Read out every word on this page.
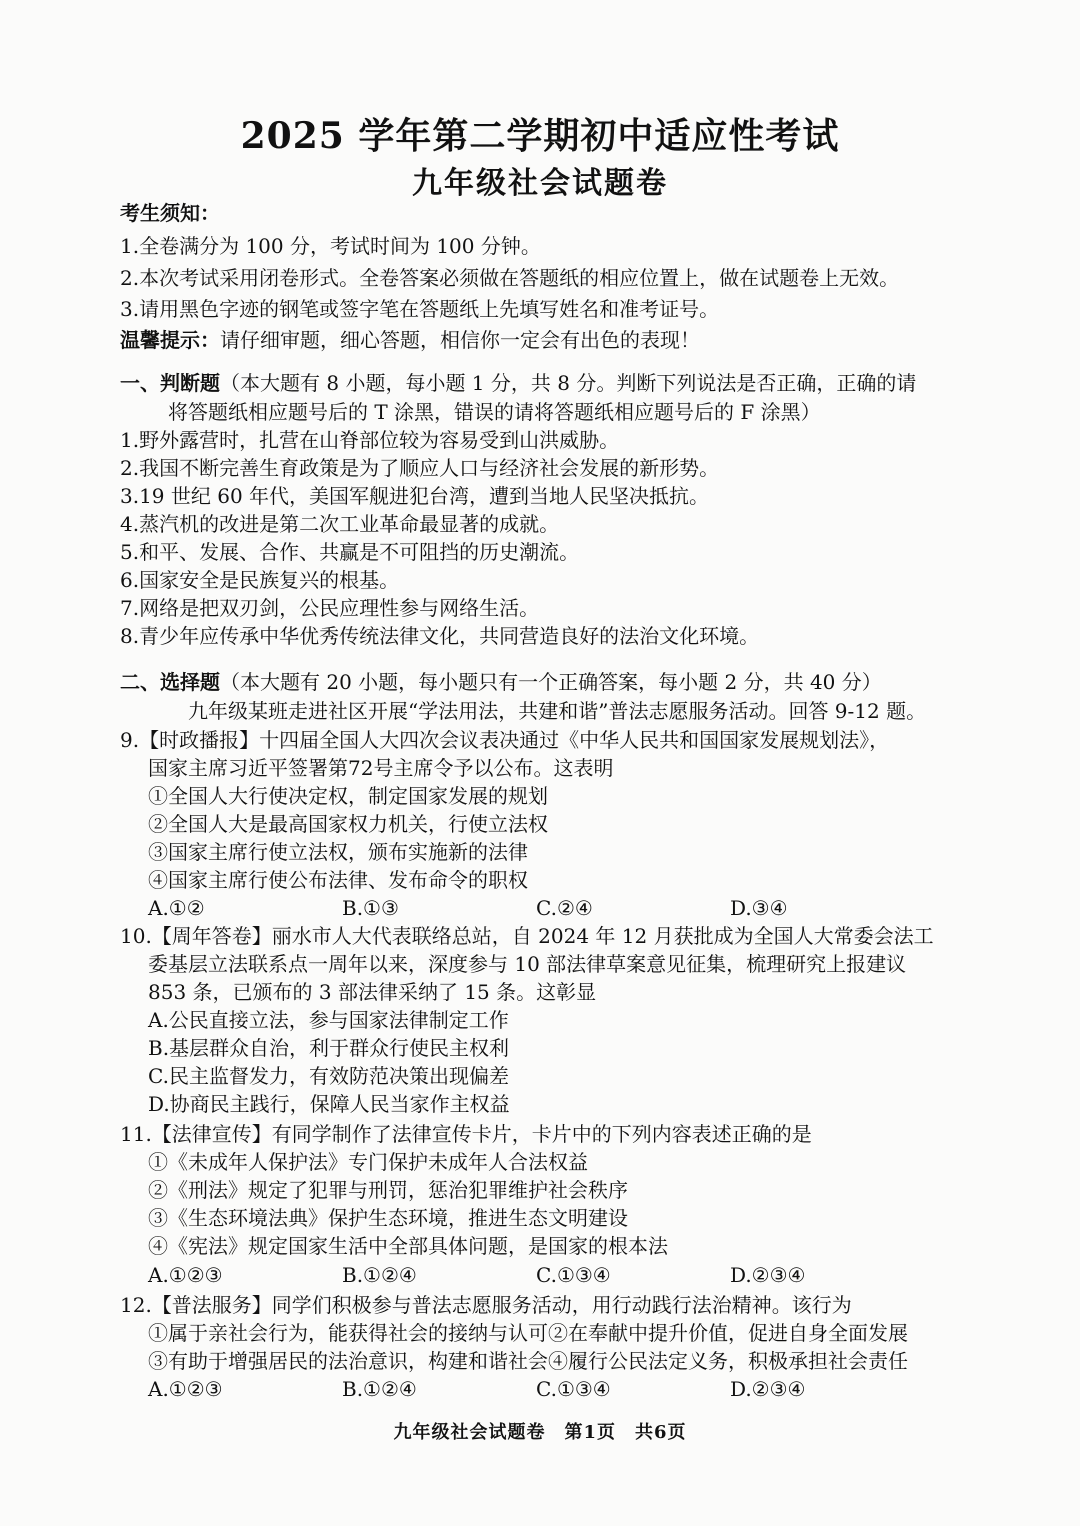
2025 学年第二学期初中适应性考试
九年级社会试题卷
考生须知：
1.全卷满分为 100 分，考试时间为 100 分钟。
2.本次考试采用闭卷形式。全卷答案必须做在答题纸的相应位置上，做在试题卷上无效。
3.请用黑色字迹的钢笔或签字笔在答题纸上先填写姓名和准考证号。
温馨提示：请仔细审题，细心答题，相信你一定会有出色的表现！
一、判断题（本大题有 8 小题，每小题 1 分，共 8 分。判断下列说法是否正确，正确的请
将答题纸相应题号后的 T 涂黑，错误的请将答题纸相应题号后的 F 涂黑）
1.野外露营时，扎营在山脊部位较为容易受到山洪威胁。
2.我国不断完善生育政策是为了顺应人口与经济社会发展的新形势。
3.19 世纪 60 年代，美国军舰进犯台湾，遭到当地人民坚决抵抗。
4.蒸汽机的改进是第二次工业革命最显著的成就。
5.和平、发展、合作、共赢是不可阻挡的历史潮流。
6.国家安全是民族复兴的根基。
7.网络是把双刃剑，公民应理性参与网络生活。
8.青少年应传承中华优秀传统法律文化，共同营造良好的法治文化环境。
二、选择题（本大题有 20 小题，每小题只有一个正确答案，每小题 2 分，共 40 分）
九年级某班走进社区开展“学法用法，共建和谐”普法志愿服务活动。回答 9-12 题。
9.【时政播报】十四届全国人大四次会议表决通过《中华人民共和国国家发展规划法》，
国家主席习近平签署第72号主席令予以公布。这表明
①全国人大行使决定权，制定国家发展的规划
②全国人大是最高国家权力机关，行使立法权
③国家主席行使立法权，颁布实施新的法律
④国家主席行使公布法律、发布命令的职权
A.①②	B.①③	C.②④	D.③④
10.【周年答卷】丽水市人大代表联络总站，自 2024 年 12 月获批成为全国人大常委会法工
委基层立法联系点一周年以来，深度参与 10 部法律草案意见征集，梳理研究上报建议
853 条，已颁布的 3 部法律采纳了 15 条。这彰显
A.公民直接立法，参与国家法律制定工作
B.基层群众自治，利于群众行使民主权利
C.民主监督发力，有效防范决策出现偏差
D.协商民主践行，保障人民当家作主权益
11.【法律宣传】有同学制作了法律宣传卡片，卡片中的下列内容表述正确的是
①《未成年人保护法》专门保护未成年人合法权益
②《刑法》规定了犯罪与刑罚，惩治犯罪维护社会秩序
③《生态环境法典》保护生态环境，推进生态文明建设
④《宪法》规定国家生活中全部具体问题，是国家的根本法
A.①②③	B.①②④	C.①③④	D.②③④
12.【普法服务】同学们积极参与普法志愿服务活动，用行动践行法治精神。该行为
①属于亲社会行为，能获得社会的接纳与认可②在奉献中提升价值，促进自身全面发展
③有助于增强居民的法治意识，构建和谐社会④履行公民法定义务，积极承担社会责任
A.①②③	B.①②④	C.①③④	D.②③④
九年级社会试题卷　第1页　共6页
